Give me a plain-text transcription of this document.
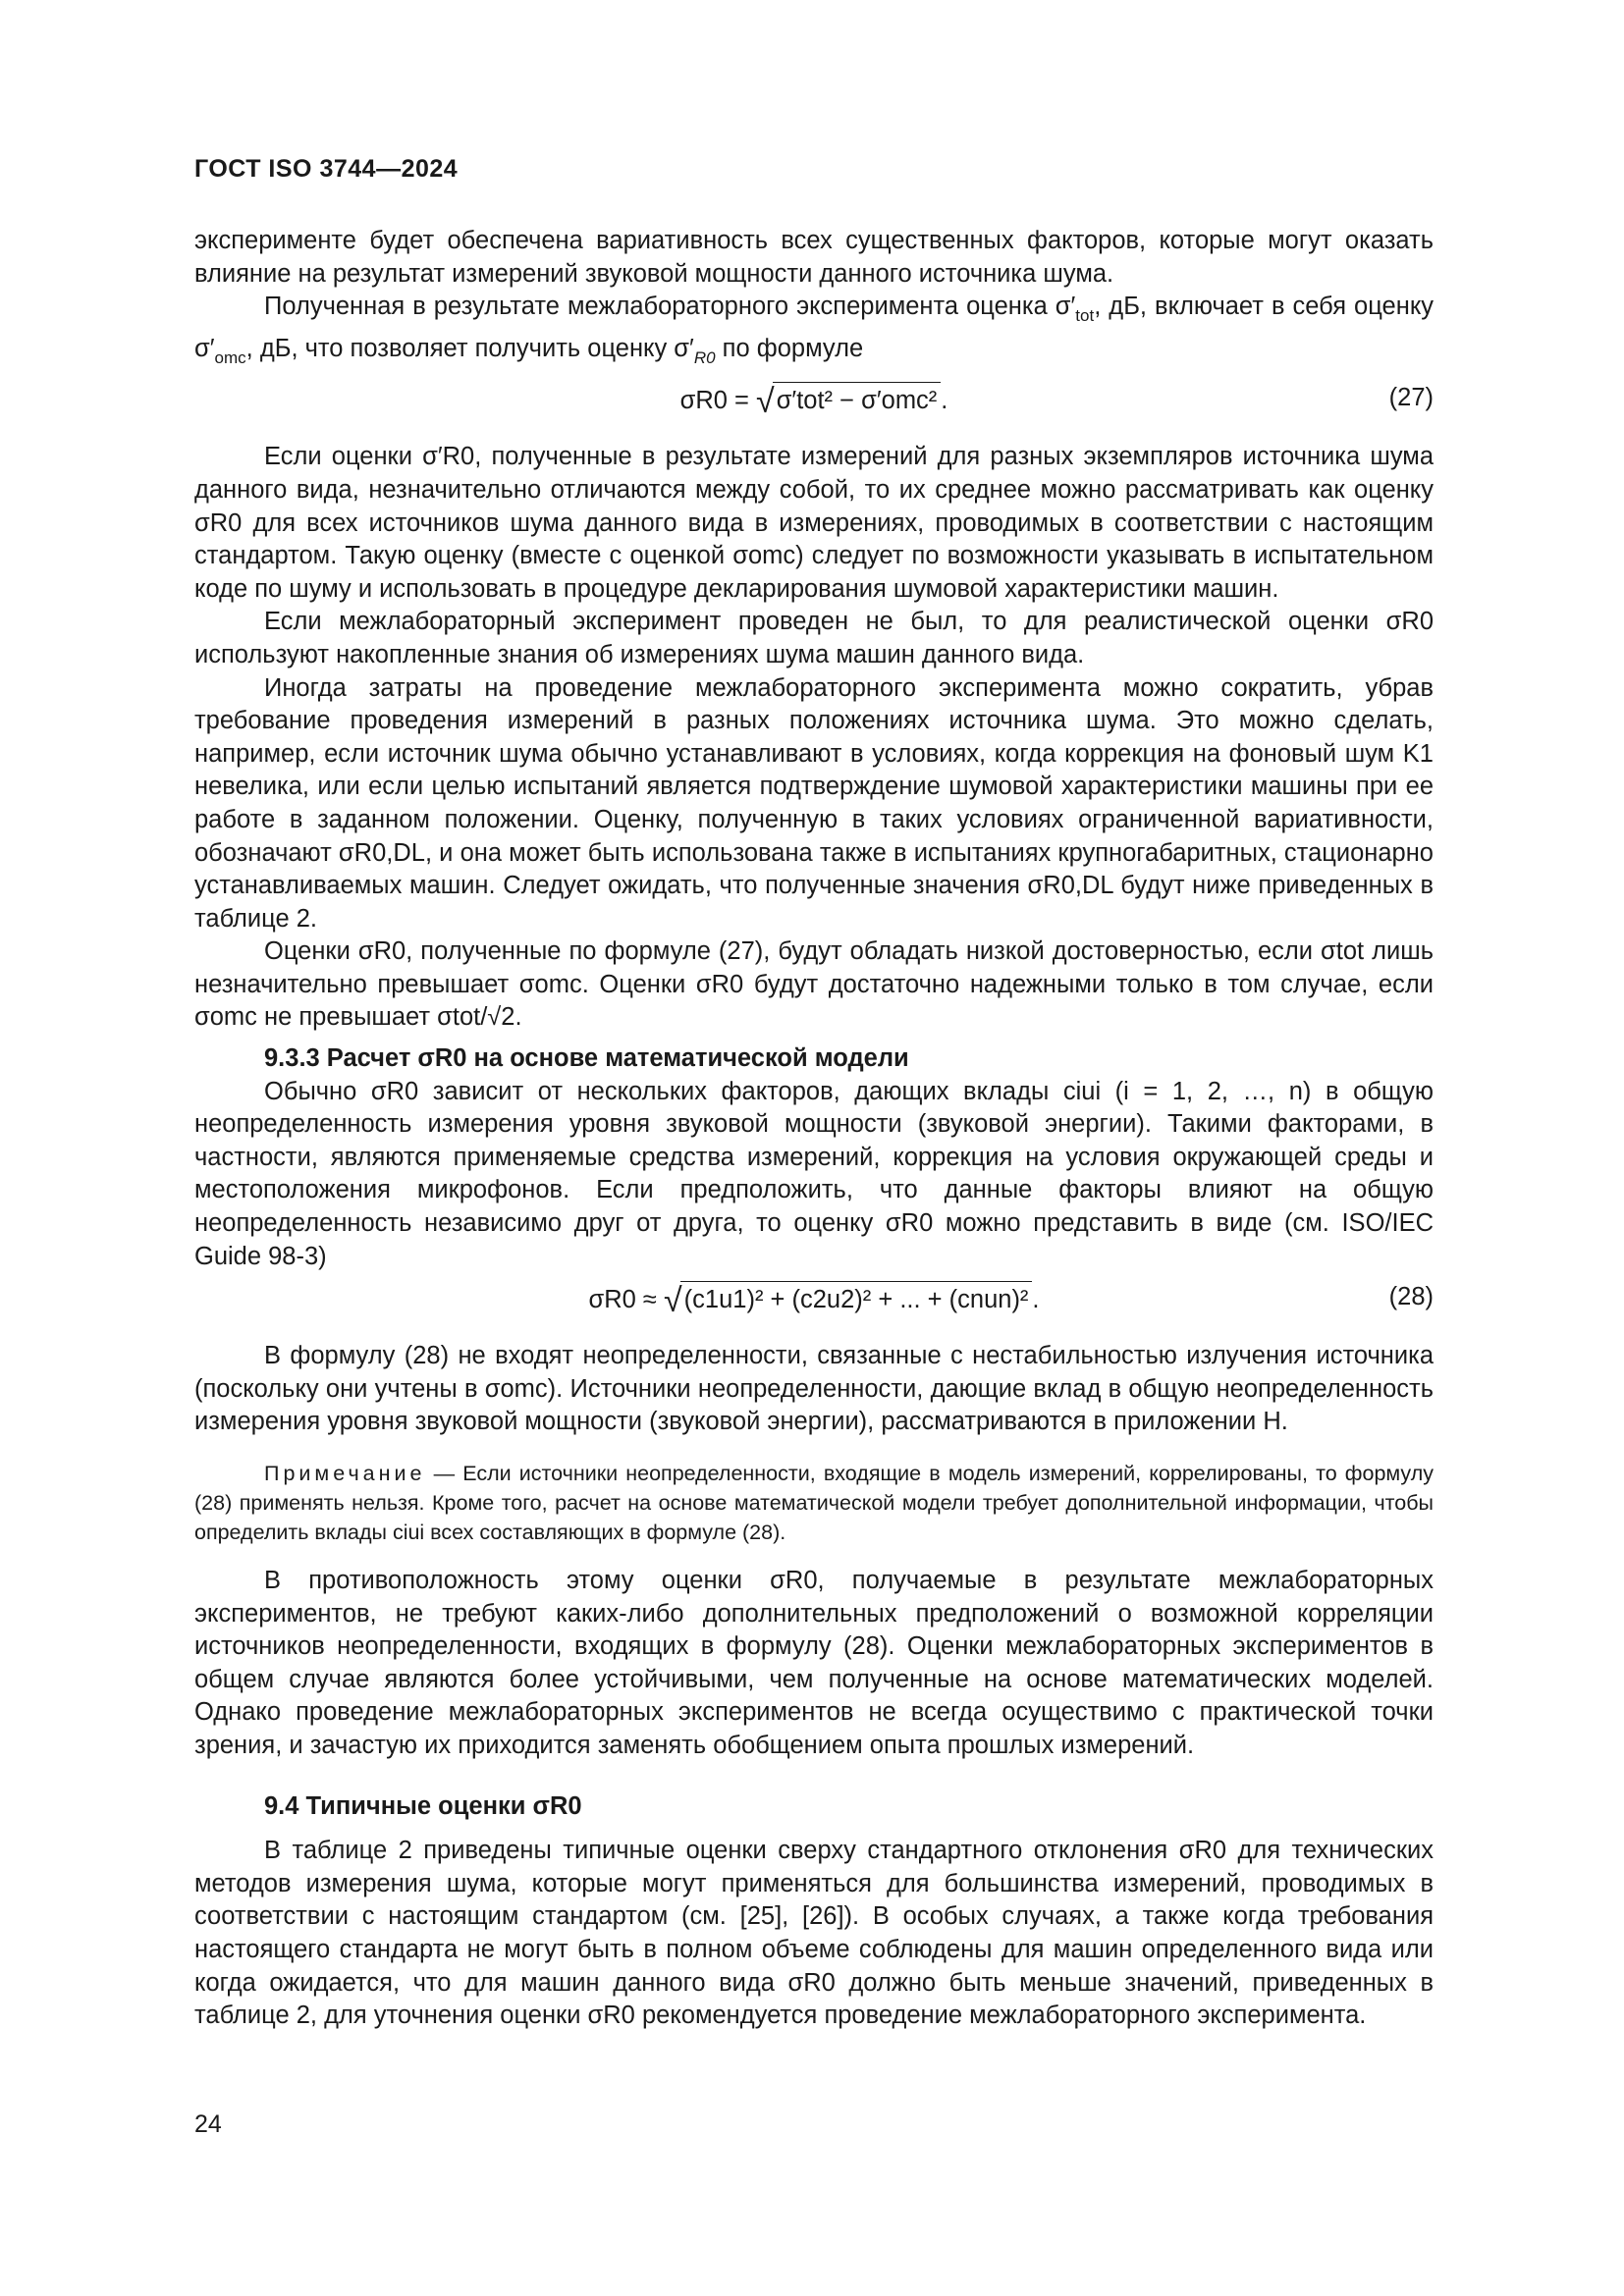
ГОСТ ISO 3744—2024

эксперименте будет обеспечена вариативность всех существенных факторов, которые могут оказать влияние на результат измерений звуковой мощности данного источника шума.

Полученная в результате межлабораторного эксперимента оценка $\sigma'_{tot}$, дБ, включает в себя оценку $\sigma'_{omc}$, дБ, что позволяет получить оценку $\sigma'_{R0}$ по формуле

σR0 = √σ′tot² − σ′omc² .	(27)

Если оценки σ′R0, полученные в результате измерений для разных экземпляров источника шума данного вида, незначительно отличаются между собой, то их среднее можно рассматривать как оценку σR0 для всех источников шума данного вида в измерениях, проводимых в соответствии с настоящим стандартом. Такую оценку (вместе с оценкой σomc) следует по возможности указывать в испытательном коде по шуму и использовать в процедуре декларирования шумовой характеристики машин.

Если межлабораторный эксперимент проведен не был, то для реалистической оценки σR0 используют накопленные знания об измерениях шума машин данного вида.

Иногда затраты на проведение межлабораторного эксперимента можно сократить, убрав требование проведения измерений в разных положениях источника шума. Это можно сделать, например, если источник шума обычно устанавливают в условиях, когда коррекция на фоновый шум K1 невелика, или если целью испытаний является подтверждение шумовой характеристики машины при ее работе в заданном положении. Оценку, полученную в таких условиях ограниченной вариативности, обозначают σR0,DL, и она может быть использована также в испытаниях крупногабаритных, стационарно устанавливаемых машин. Следует ожидать, что полученные значения σR0,DL будут ниже приведенных в таблице 2.

Оценки σR0, полученные по формуле (27), будут обладать низкой достоверностью, если σtot лишь незначительно превышает σomc. Оценки σR0 будут достаточно надежными только в том случае, если σomc не превышает σtot/√2.

9.3.3 Расчет σR0 на основе математической модели

Обычно σR0 зависит от нескольких факторов, дающих вклады ciui (i = 1, 2, …, n) в общую неопределенность измерения уровня звуковой мощности (звуковой энергии). Такими факторами, в частности, являются применяемые средства измерений, коррекция на условия окружающей среды и местоположения микрофонов. Если предположить, что данные факторы влияют на общую неопределенность независимо друг от друга, то оценку σR0 можно представить в виде (см. ISO/IEC Guide 98-3)

σR0 ≈ √(c1u1)² + (c2u2)² + ... + (cnun)² .	(28)

В формулу (28) не входят неопределенности, связанные с нестабильностью излучения источника (поскольку они учтены в σomc). Источники неопределенности, дающие вклад в общую неопределенность измерения уровня звуковой мощности (звуковой энергии), рассматриваются в приложении H.

Примечание — Если источники неопределенности, входящие в модель измерений, коррелированы, то формулу (28) применять нельзя. Кроме того, расчет на основе математической модели требует дополнительной информации, чтобы определить вклады ciui всех составляющих в формуле (28).

В противоположность этому оценки σR0, получаемые в результате межлабораторных экспериментов, не требуют каких-либо дополнительных предположений о возможной корреляции источников неопределенности, входящих в формулу (28). Оценки межлабораторных экспериментов в общем случае являются более устойчивыми, чем полученные на основе математических моделей. Однако проведение межлабораторных экспериментов не всегда осуществимо с практической точки зрения, и зачастую их приходится заменять обобщением опыта прошлых измерений.

9.4 Типичные оценки σR0

В таблице 2 приведены типичные оценки сверху стандартного отклонения σR0 для технических методов измерения шума, которые могут применяться для большинства измерений, проводимых в соответствии с настоящим стандартом (см. [25], [26]). В особых случаях, а также когда требования настоящего стандарта не могут быть в полном объеме соблюдены для машин определенного вида или когда ожидается, что для машин данного вида σR0 должно быть меньше значений, приведенных в таблице 2, для уточнения оценки σR0 рекомендуется проведение межлабораторного эксперимента.

24
